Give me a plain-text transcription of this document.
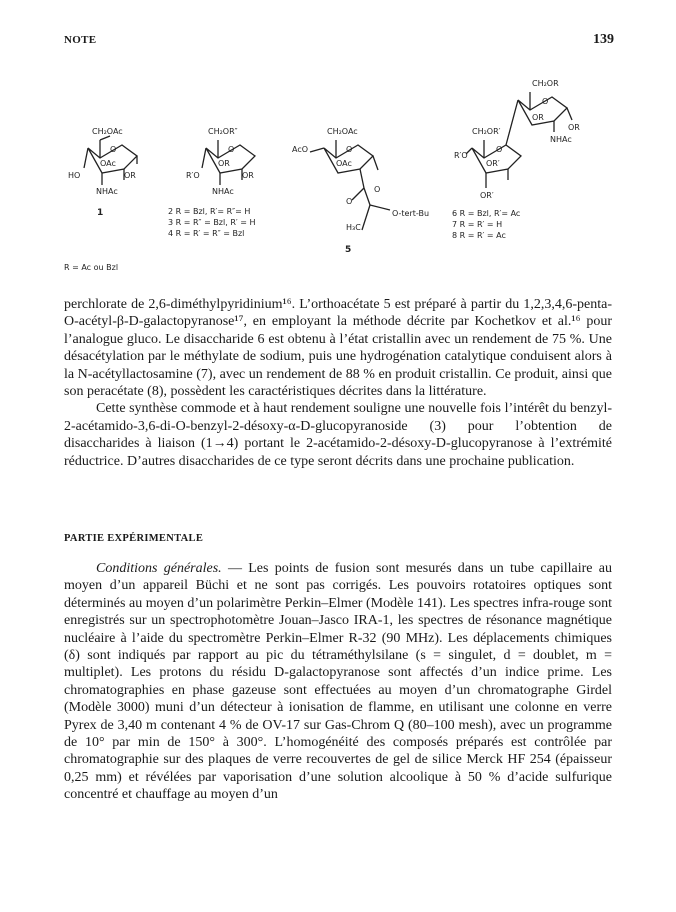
NOTE	139
CH₂OAc
O
OAc
HO	OR
NHAc
1
CH₂OR″
O
OR
R′O	OR
NHAc
2 R = Bzl, R′= R″= H
3 R = R″ = Bzl, R′ = H
4 R = R′ = R″ = Bzl
CH₂OAc
AcO	O
OAc
O
O
O-tert-Bu
H₃C
5
CH₂OR
O
OR
OR
NHAc
CH₂OR′
R′O
OR′
O
OR′
6 R = Bzl, R′= Ac
7 R = R′ = H
8 R = R′ = Ac
R = Ac ou Bzl

perchlorate de 2,6-diméthylpyridinium¹⁶. L’orthoacétate 5 est préparé à partir du 1,2,3,4,6-penta-O-acétyl-β-D-galactopyranose¹⁷, en employant la méthode décrite par Kochetkov et al.¹⁶ pour l’analogue gluco. Le disaccharide 6 est obtenu à l’état cristallin avec un rendement de 75 %. Une désacétylation par le méthylate de sodium, puis une hydrogénation catalytique conduisent alors à la N-acétyllactosamine (7), avec un rendement de 88 % en produit cristallin. Ce produit, ainsi que son peracétate (8), possèdent les caractéristiques décrites dans la littérature.

Cette synthèse commode et à haut rendement souligne une nouvelle fois l’intérêt du benzyl-2-acétamido-3,6-di-O-benzyl-2-désoxy-α-D-glucopyranoside (3) pour l’obtention de disaccharides à liaison (1→4) portant le 2-acétamido-2-désoxy-D-glucopyranose à l’extrémité réductrice. D’autres disaccharides de ce type seront décrits dans une prochaine publication.

PARTIE EXPÉRIMENTALE

Conditions générales. — Les points de fusion sont mesurés dans un tube capillaire au moyen d’un appareil Büchi et ne sont pas corrigés. Les pouvoirs rotatoires optiques sont déterminés au moyen d’un polarimètre Perkin–Elmer (Modèle 141). Les spectres infra-rouge sont enregistrés sur un spectrophotomètre Jouan–Jasco IRA-1, les spectres de résonance magnétique nucléaire à l’aide du spectromètre Perkin–Elmer R-32 (90 MHz). Les déplacements chimiques (δ) sont indiqués par rapport au pic du tétraméthylsilane (s = singulet, d = doublet, m = multiplet). Les protons du résidu D-galactopyranose sont affectés d’un indice prime. Les chromatographies en phase gazeuse sont effectuées au moyen d’un chromatographe Girdel (Modèle 3000) muni d’un détecteur à ionisation de flamme, en utilisant une colonne en verre Pyrex de 3,40 m contenant 4 % de OV-17 sur Gas-Chrom Q (80–100 mesh), avec un programme de 10° par min de 150° à 300°. L’homogénéité des composés préparés est contrôlée par chromatographie sur des plaques de verre recouvertes de gel de silice Merck HF 254 (épaisseur 0,25 mm) et révélées par vaporisation d’une solution alcoolique à 50 % d’acide sulfurique concentré et chauffage au moyen d’un
